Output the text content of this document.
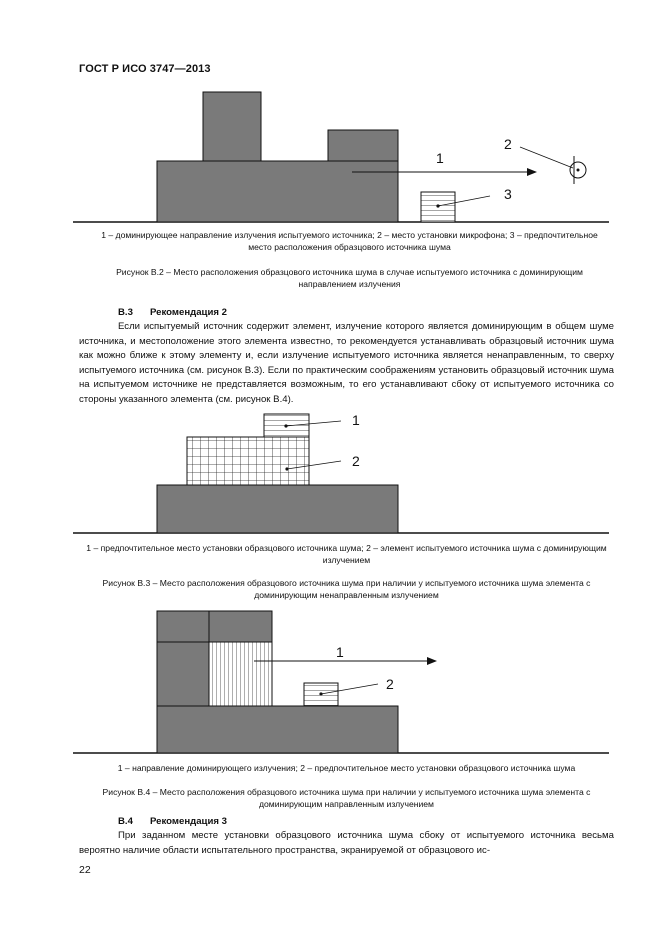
ГОСТ Р ИСО 3747—2013
1
2
3
1
2
1
2
1 – доминирующее направление излучения испытуемого источника; 2 – место установки микрофона; 3 – предпочтительное место расположения образцового источника шума
Рисунок В.2 – Место расположения образцового источника шума в случае испытуемого источника с доминирующим направлением излучения
В.3 Рекомендация 2
Если испытуемый источник содержит элемент, излучение которого является доминирующим в общем шуме источника, и местоположение этого элемента известно, то рекомендуется устанавливать образцовый источник шума как можно ближе к этому элементу и, если излучение испытуемого источника является ненаправленным, то сверху испытуемого источника (см. рисунок В.3). Если по практическим соображениям установить образцовый источник шума на испытуемом источнике не представляется возможным, то его устанавливают сбоку от испытуемого источника со стороны указанного элемента (см. рисунок В.4).
1 – предпочтительное место установки образцового источника шума; 2 – элемент испытуемого источника шума с доминирующим излучением
Рисунок В.3 – Место расположения образцового источника шума при наличии у испытуемого источника шума элемента с доминирующим ненаправленным излучением
1 – направление доминирующего излучения; 2 – предпочтительное место установки образцового источника шума
Рисунок В.4 – Место расположения образцового источника шума при наличии у испытуемого источника шума элемента с доминирующим направленным излучением
В.4 Рекомендация 3
При заданном месте установки образцового источника шума сбоку от испытуемого источника весьма вероятно наличие области испытательного пространства, экранируемой от образцового ис-
22
